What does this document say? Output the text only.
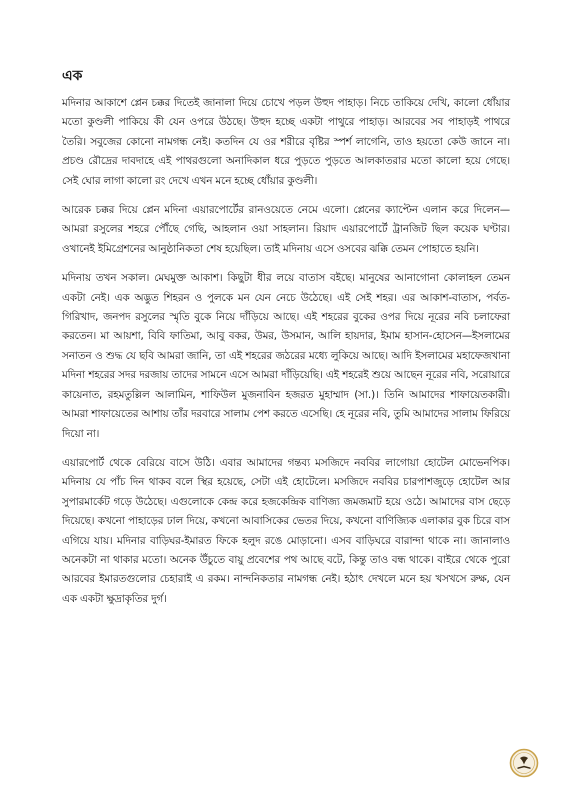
এক

মদিনার আকাশে প্লেন চক্কর দিতেই জানালা দিয়ে চোখে পড়ল উহুদ পাহাড়। নিচে তাকিয়ে দেখি, কালো ধোঁয়ার মতো কুণ্ডলী পাকিয়ে কী যেন ওপরে উঠছে। উহুদ হচ্ছে একটা পাথুরে পাহাড়। আরবের সব পাহাড়ই পাথরে তৈরি। সবুজের কোনো নামগন্ধ নেই। কতদিন যে ওর শরীরে বৃষ্টির স্পর্শ লাগেনি, তাও হয়তো কেউ জানে না। প্রচণ্ড রৌদ্রের দাবদাহে এই পাথরগুলো অনাদিকাল ধরে পুড়তে পুড়তে আলকাতরার মতো কালো হয়ে গেছে। সেই ঘোর লাগা কালো রং দেখে এখন মনে হচ্ছে ধোঁয়ার কুণ্ডলী।

আরেক চক্কর দিয়ে প্লেন মদিনা এয়ারপোর্টের রানওয়েতে নেমে এলো। প্লেনের ক্যাপ্টেন এলান করে দিলেন—আমরা রসুলের শহরে পৌঁছে গেছি, আহলান ওয়া সাহলান। রিয়াদ এয়ারপোর্টে ট্রানজিট ছিল কয়েক ঘণ্টার। ওখানেই ইমিগ্রেশনের আনুষ্ঠানিকতা শেষ হয়েছিল। তাই মদিনায় এসে ওসবের ঝক্কি তেমন পোহাতে হয়নি।

মদিনায় তখন সকাল। মেঘমুক্ত আকাশ। কিছুটা ধীর লয়ে বাতাস বইছে। মানুষের আনাগোনা কোলাহল তেমন একটা নেই। এক অদ্ভুত শিহরন ও পুলকে মন যেন নেচে উঠেছে। এই সেই শহর। এর আকাশ-বাতাস, পর্বত-গিরিখাদ, জনপদ রসুলের স্মৃতি বুকে নিয়ে দাঁড়িয়ে আছে। এই শহরের বুকের ওপর দিয়ে নূরের নবি চলাফেরা করতেন। মা আয়শা, বিবি ফাতিমা, আবু বকর, উমর, উসমান, আলি হায়দার, ইমাম হাসান-হোসেন—ইসলামের সনাতন ও শুদ্ধ যে ছবি আমরা জানি, তা এই শহরের জঠরের মধ্যে লুকিয়ে আছে। আদি ইসলামের মহাফেজখানা মদিনা শহরের সদর দরজায় তাদের সামনে এসে আমরা দাঁড়িয়েছি। এই শহরেই শুয়ে আছেন নূরের নবি, সরোয়ারে কায়েনাত, রহমতুল্লিল আলামিন, শাফিউল মুজনাবিন হজরত মুহাম্মাদ (সা.)। তিনি আমাদের শাফায়েতকারী। আমরা শাফায়েতের আশায় তাঁর দরবারে সালাম পেশ করতে এসেছি। হে নূরের নবি, তুমি আমাদের সালাম ফিরিয়ে দিয়ো না।

এয়ারপোর্ট থেকে বেরিয়ে বাসে উঠি। এবার আমাদের গন্তব্য মসজিদে নববির লাগোয়া হোটেল মোভেনপিক। মদিনায় যে পাঁচ দিন থাকব বলে স্থির হয়েছে, সেটা এই হোটেলে। মসজিদে নববির চারপাশজুড়ে হোটেল আর সুপারমার্কেট গড়ে উঠেছে। এগুলোকে কেন্দ্র করে হজকেন্দ্রিক বাণিজ্য জমজমাট হয়ে ওঠে। আমাদের বাস ছেড়ে দিয়েছে। কখনো পাহাড়ের ঢাল দিয়ে, কখনো আবাসিকের ভেতর দিয়ে, কখনো বাণিজ্যিক এলাকার বুক চিরে বাস এগিয়ে যায়। মদিনার বাড়িঘর-ইমারত ফিকে হলুদ রঙে মোড়ানো। এসব বাড়িঘরে বারান্দা থাকে না। জানালাও অনেকটা না থাকার মতো। অনেক উঁচুতে বায়ু প্রবেশের পথ আছে বটে, কিন্তু তাও বন্ধ থাকে। বাইরে থেকে পুরো আরবের ইমারতগুলোর চেহারাই এ রকম। নান্দনিকতার নামগন্ধ নেই। হঠাৎ দেখলে মনে হয় খসখসে রুক্ষ, যেন এক একটা ক্ষুদ্রাকৃতির দুর্গ।
